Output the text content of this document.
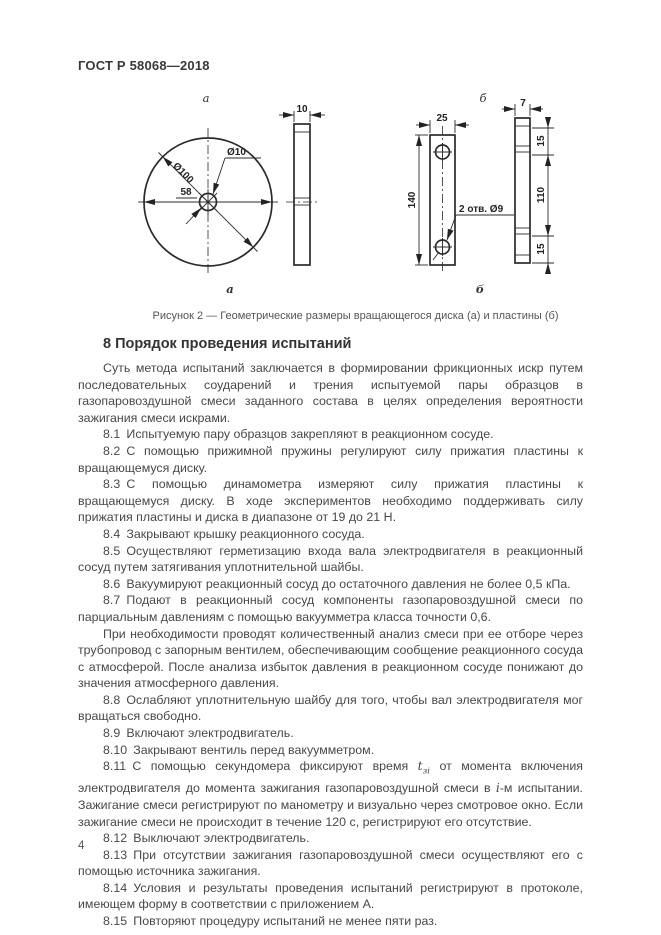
ГОСТ Р 58068—2018
а	б
а	б
Ø100
Ø10
58
10
25
140
2 отв. Ø9
7
15
110
15
Рисунок 2 — Геометрические размеры вращающегося диска (а) и пластины (б)
8 Порядок проведения испытаний

Суть метода испытаний заключается в формировании фрикционных искр путем последовательных соударений и трения испытуемой пары образцов в газопаровоздушной смеси заданного состава в целях определения вероятности зажигания смеси искрами.

8.1 Испытуемую пару образцов закрепляют в реакционном сосуде.

8.2 С помощью прижимной пружины регулируют силу прижатия пластины к вращающемуся диску.

8.3 С помощью динамометра измеряют силу прижатия пластины к вращающемуся диску. В ходе экспериментов необходимо поддерживать силу прижатия пластины и диска в диапазоне от 19 до 21 Н.

8.4 Закрывают крышку реакционного сосуда.

8.5 Осуществляют герметизацию входа вала электродвигателя в реакционный сосуд путем затягивания уплотнительной шайбы.

8.6 Вакуумируют реакционный сосуд до остаточного давления не более 0,5 кПа.

8.7 Подают в реакционный сосуд компоненты газопаровоздушной смеси по парциальным давлениям с помощью вакуумметра класса точности 0,6.

При необходимости проводят количественный анализ смеси при ее отборе через трубопровод с запорным вентилем, обеспечивающим сообщение реакционного сосуда с атмосферой. После анализа избыток давления в реакционном сосуде понижают до значения атмосферного давления.

8.8 Ослабляют уплотнительную шайбу для того, чтобы вал электродвигателя мог вращаться свободно.

8.9 Включают электродвигатель.

8.10 Закрывают вентиль перед вакуумметром.

8.11 С помощью секундомера фиксируют время $t_{зi}$ от момента включения электродвигателя до момента зажигания газопаровоздушной смеси в i-м испытании. Зажигание смеси регистрируют по манометру и визуально через смотровое окно. Если зажигание смеси не происходит в течение 120 с, регистрируют его отсутствие.

8.12 Выключают электродвигатель.

8.13 При отсутствии зажигания газопаровоздушной смеси осуществляют его с помощью источника зажигания.

8.14 Условия и результаты проведения испытаний регистрируют в протоколе, имеющем форму в соответствии с приложением А.

8.15 Повторяют процедуру испытаний не менее пяти раз.

4
